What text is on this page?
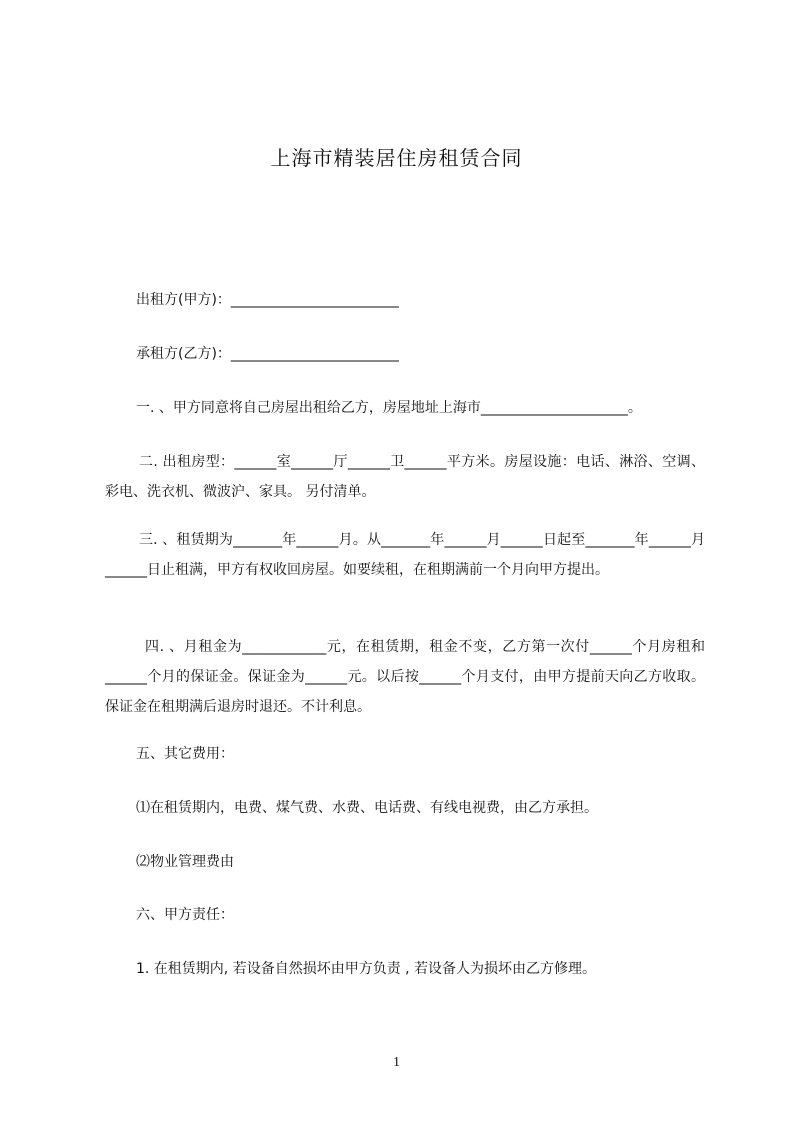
上海市精装居住房租赁合同
出租方(甲方)：________________________
承租方(乙方)：________________________
一. 、甲方同意将自己房屋出租给乙方，房屋地址上海市_____________________。
二. 出租房型：______室______厅______卫______平方米。房屋设施：电话、淋浴、空调、彩电、洗衣机、微波沪、家具。 另付清单。
三. 、租赁期为_______年______月。从_______年______月______日起至_______年______月______日止租满，甲方有权收回房屋。如要续租，在租期满前一个月向甲方提出。
四. 、月租金为____________元，在租赁期，租金不变，乙方第一次付______个月房租和______个月的保证金。保证金为______元。以后按______个月支付，由甲方提前天向乙方收取。保证金在租期满后退房时退还。不计利息。
五、其它费用：
⑴在租赁期内，电费、煤气费、水费、电话费、有线电视费，由乙方承担。
⑵物业管理费由
六、甲方责任：
1. 在租赁期内, 若设备自然损坏由甲方负责 , 若设备人为损坏由乙方修理。
1
